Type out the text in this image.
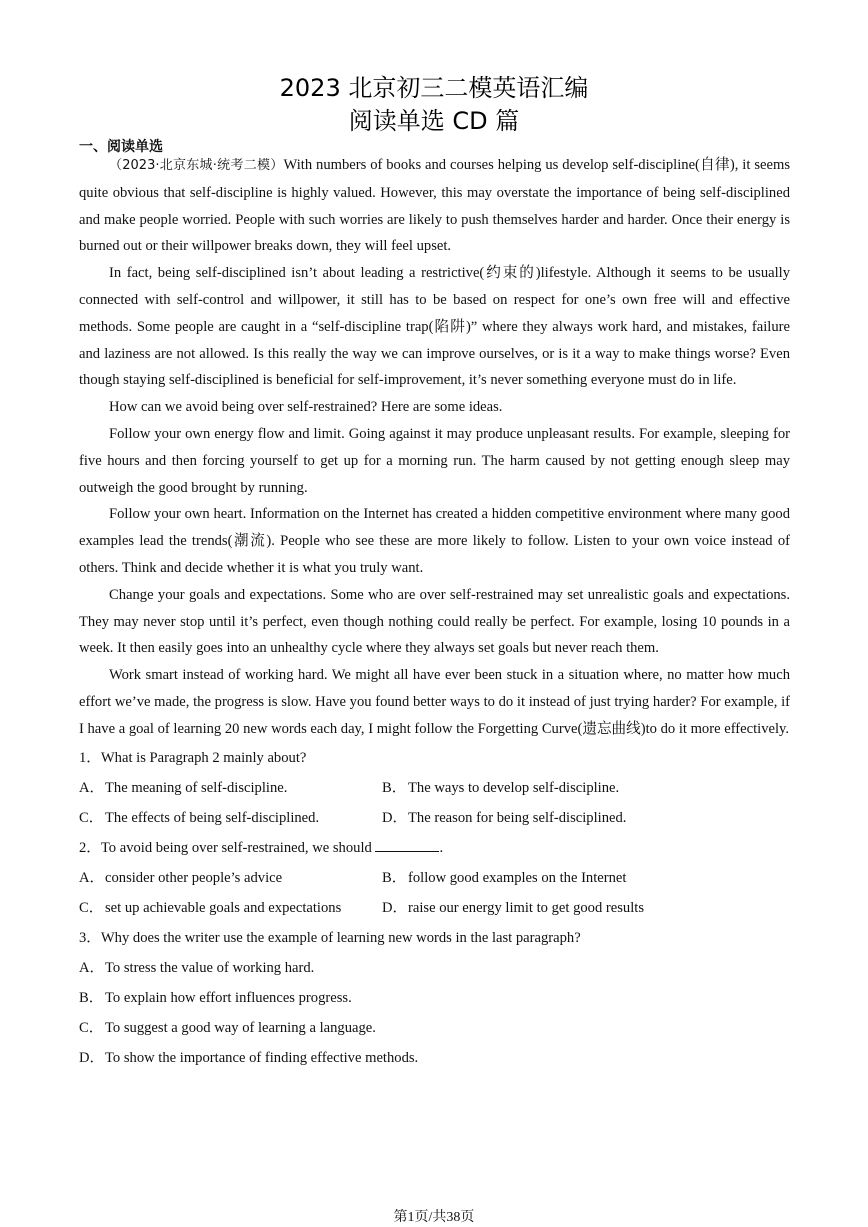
2023 北京初三二模英语汇编
阅读单选 CD 篇
一、阅读单选

（2023·北京东城·统考二模）With numbers of books and courses helping us develop self-discipline(自律), it seems quite obvious that self-discipline is highly valued. However, this may overstate the importance of being self-disciplined and make people worried. People with such worries are likely to push themselves harder and harder. Once their energy is burned out or their willpower breaks down, they will feel upset.

In fact, being self-disciplined isn’t about leading a restrictive(约束的)lifestyle. Although it seems to be usually connected with self-control and willpower, it still has to be based on respect for one’s own free will and effective methods. Some people are caught in a “self-discipline trap(陷阱)” where they always work hard, and mistakes, failure and laziness are not allowed. Is this really the way we can improve ourselves, or is it a way to make things worse? Even though staying self-disciplined is beneficial for self-improvement, it’s never something everyone must do in life.

How can we avoid being over self-restrained? Here are some ideas.

Follow your own energy flow and limit. Going against it may produce unpleasant results. For example, sleeping for five hours and then forcing yourself to get up for a morning run. The harm caused by not getting enough sleep may outweigh the good brought by running.

Follow your own heart. Information on the Internet has created a hidden competitive environment where many good examples lead the trends(潮流). People who see these are more likely to follow. Listen to your own voice instead of others. Think and decide whether it is what you truly want.

Change your goals and expectations. Some who are over self-restrained may set unrealistic goals and expectations. They may never stop until it’s perfect, even though nothing could really be perfect. For example, losing 10 pounds in a week. It then easily goes into an unhealthy cycle where they always set goals but never reach them.

Work smart instead of working hard. We might all have ever been stuck in a situation where, no matter how much effort we’ve made, the progress is slow. Have you found better ways to do it instead of just trying harder? For example, if I have a goal of learning 20 new words each day, I might follow the Forgetting Curve(遗忘曲线)to do it more effectively.

1．What is Paragraph 2 mainly about?
A．The meaning of self-discipline.	B． The ways to develop self-discipline.
C． The effects of being self-disciplined.	D．The reason for being self-disciplined.
2．To avoid being over self-restrained, we should	.
A．consider other people’s advice	B． follow good examples on the Internet
C． set up achievable goals and expectations	D．raise our energy limit to get good results
3．Why does the writer use the example of learning new words in the last paragraph?
A．To stress the value of working hard.
B． To explain how effort influences progress.
C． To suggest a good way of learning a language.
D．To show the importance of finding effective methods.
第1页/共38页
